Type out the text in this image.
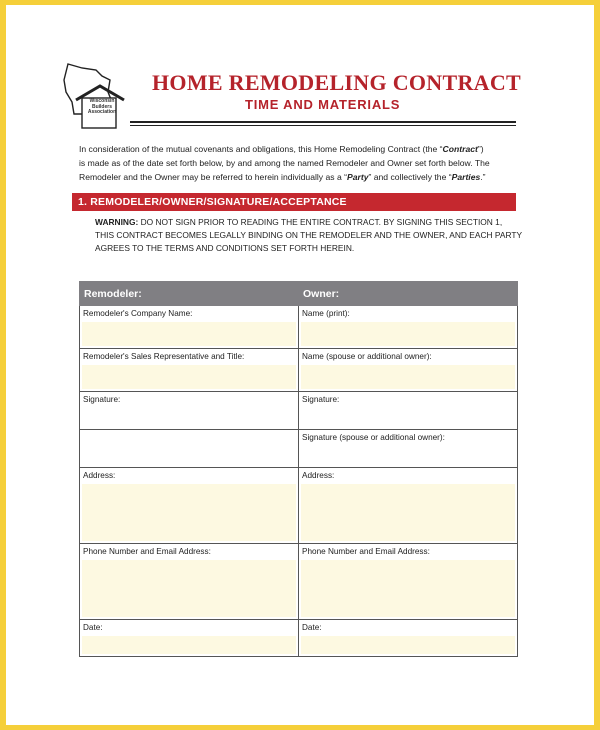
Wisconsin
Builders
Association
HOME REMODELING CONTRACT
TIME AND MATERIALS

In consideration of the mutual covenants and obligations, this Home Remodeling Contract (the “Contract”)

is made as of the date set forth below, by and among the named Remodeler and Owner set forth below. The

Remodeler and the Owner may be referred to herein individually as a “Party” and collectively the “Parties.”

1. REMODELER/OWNER/SIGNATURE/ACCEPTANCE

WARNING: DO NOT SIGN PRIOR TO READING THE ENTIRE CONTRACT. BY SIGNING THIS SECTION 1,

THIS CONTRACT BECOMES LEGALLY BINDING ON THE REMODELER AND THE OWNER, AND EACH PARTY

AGREES TO THE TERMS AND CONDITIONS SET FORTH HEREIN.

Remodeler:	Owner:

Remodeler's Company Name:	Name (print):

Remodeler's Sales Representative and Title:	Name (spouse or additional owner):

Signature:	Signature:

	Signature (spouse or additional owner):

Address:	Address:

Phone Number and Email Address:	Phone Number and Email Address:

Date:	Date:
